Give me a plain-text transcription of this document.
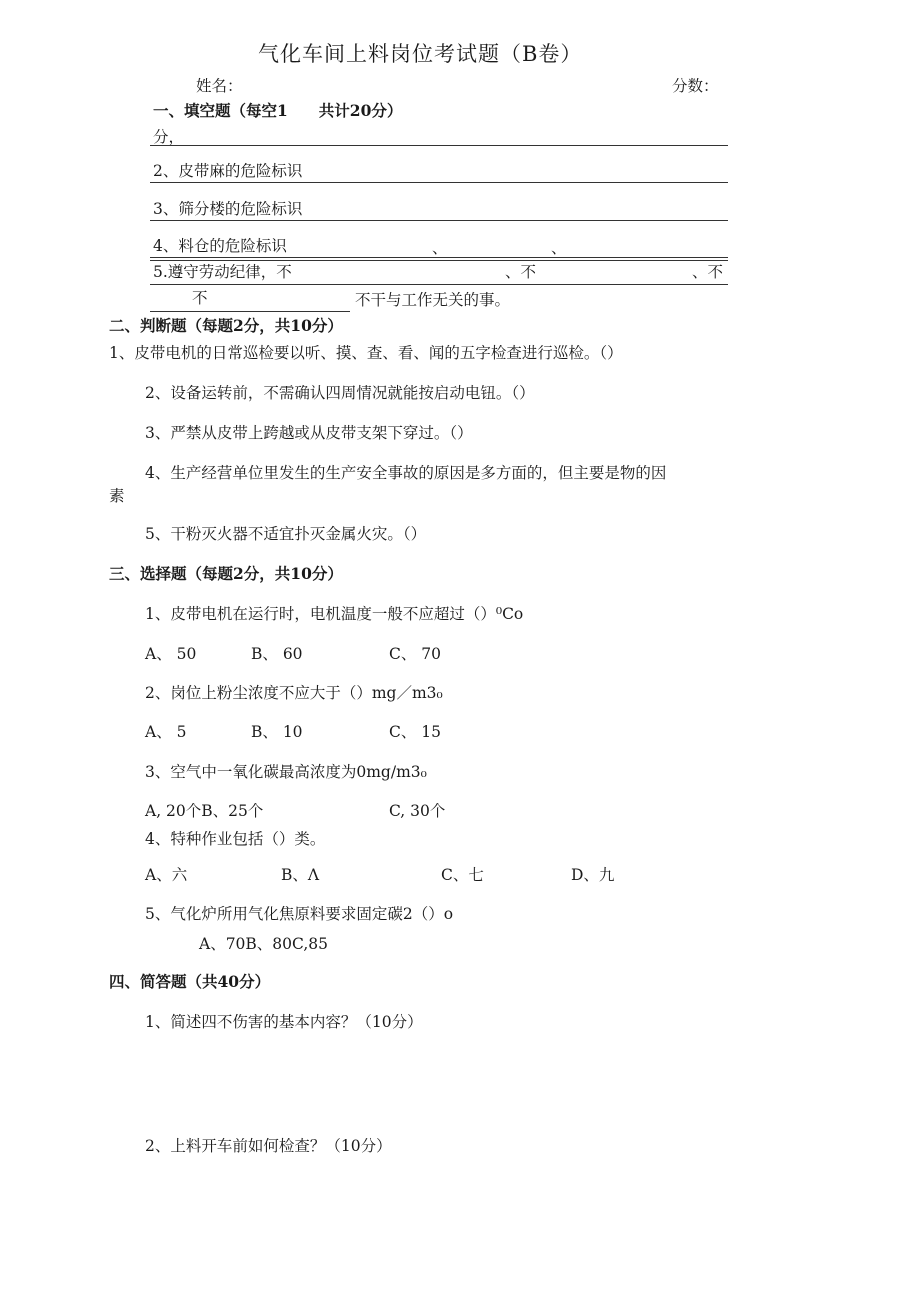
气化车间上料岗位考试题（B卷）
姓名：	分数：
一、填空题（每空1　　共计20分）
分，
2、皮带麻的危险标识
3、筛分楼的危险标识
4、料仓的危险标识	、	、
5.遵守劳动纪律，不	、不	、不
不	不干与工作无关的事。
二、判断题（每题2分，共10分）
1、皮带电机的日常巡检要以听、摸、查、看、闻的五字检查进行巡检。（）
2、设备运转前，不需确认四周情况就能按启动电钮。（）
3、严禁从皮带上跨越或从皮带支架下穿过。（）
4、生产经营单位里发生的生产安全事故的原因是多方面的，但主要是物的因
素
5、干粉灭火器不适宜扑灭金属火灾。（）
三、选择题（每题2分，共10分）
1、皮带电机在运行时，电机温度一般不应超过（）⁰Co
A、 50	B、 60	C、 70
2、岗位上粉尘浓度不应大于（）mg／m3₀
A、 5	B、 10	C、 15
3、空气中一氧化碳最高浓度为0mg/m3₀
A, 20个B、25个	C, 30个
4、特种作业包括（）类。
A、六	B、Λ	C、七	D、九
5、气化炉所用气化焦原料要求固定碳2（）o
A、70B、80C,85
四、简答题（共40分）
1、简述四不伤害的基本内容？（10分）
2、上料开车前如何检查？（10分）
